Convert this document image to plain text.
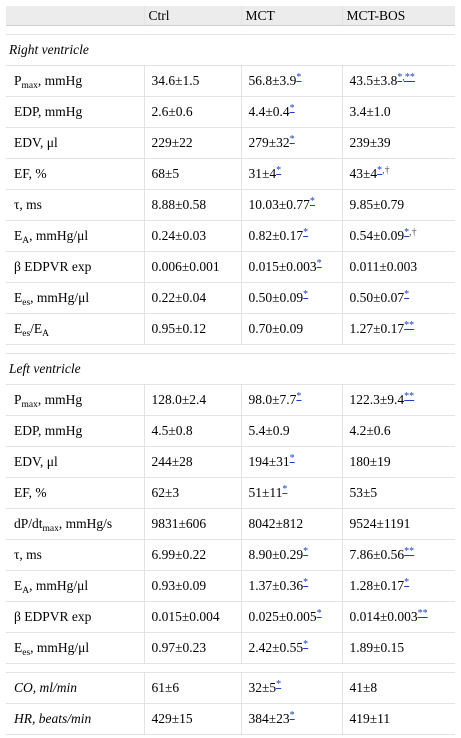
	Ctrl	MCT	MCT-BOS

Right ventricle			
$P_{max}$, mmHg	34.6±1.5	56.8±3.9*	43.5±3.8*,**
EDP, mmHg	2.6±0.6	4.4±0.4*	3.4±1.0
EDV, μl	229±22	279±32*	239±39
EF, %	68±5	31±4*	43±4*,†
τ, ms	8.88±0.58	10.03±0.77*	9.85±0.79
$E_A$, mmHg/μl	0.24±0.03	0.82±0.17*	0.54±0.09*,†
β EDPVR exp	0.006±0.001	0.015±0.003*	0.011±0.003
$E_{es}$, mmHg/μl	0.22±0.04	0.50±0.09*	0.50±0.07*
$E_{es}/E_A$	0.95±0.12	0.70±0.09	1.27±0.17**

Left ventricle			
$P_{max}$, mmHg	128.0±2.4	98.0±7.7*	122.3±9.4**
EDP, mmHg	4.5±0.8	5.4±0.9	4.2±0.6
EDV, μl	244±28	194±31*	180±19
EF, %	62±3	51±11*	53±5
$dP/dt_{max}$, mmHg/s	9831±606	8042±812	9524±1191
τ, ms	6.99±0.22	8.90±0.29*	7.86±0.56**
$E_A$, mmHg/μl	0.93±0.09	1.37±0.36*	1.28±0.17*
β EDPVR exp	0.015±0.004	0.025±0.005*	0.014±0.003**
$E_{es}$, mmHg/μl	0.97±0.23	2.42±0.55*	1.89±0.15

CO, ml/min	61±6	32±5*	41±8
HR, beats/min	429±15	384±23*	419±11
